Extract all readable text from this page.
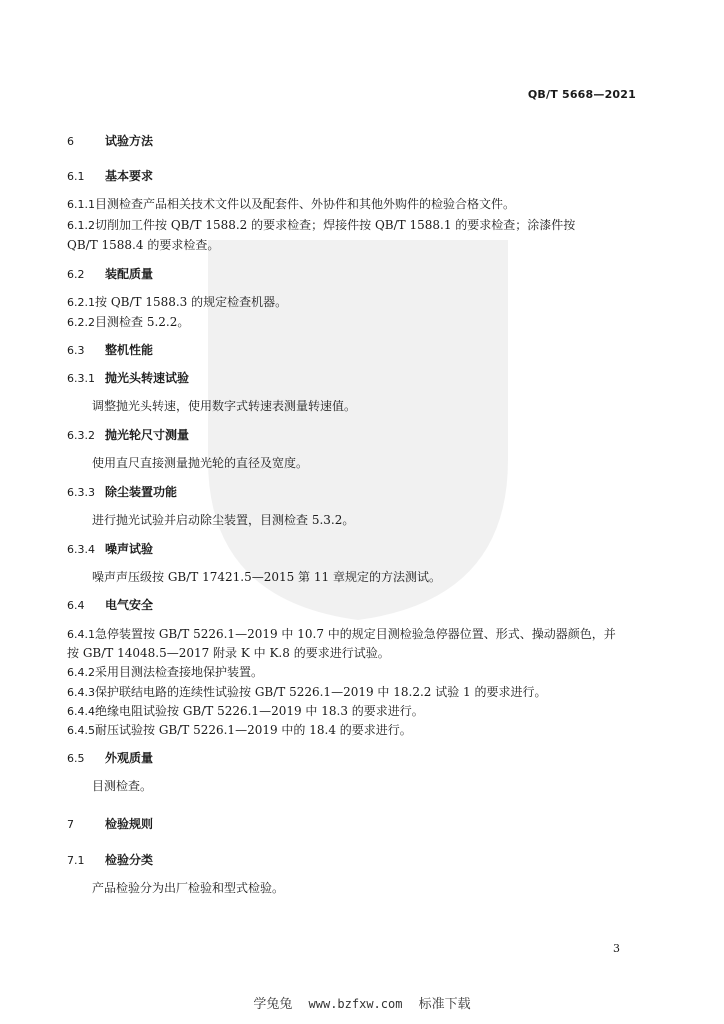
QB/T 5668—2021
6	试验方法
6.1 基本要求
6.1.1目测检查产品相关技术文件以及配套件、外协件和其他外购件的检验合格文件。
6.1.2切削加工件按 QB/T 1588.2 的要求检查；焊接件按 QB/T 1588.1 的要求检查；涂漆件按
QB/T 1588.4 的要求检查。
6.2 装配质量
6.2.1按 QB/T 1588.3 的规定检查机器。
6.2.2目测检查 5.2.2。
6.3 整机性能
6.3.1 抛光头转速试验
调整抛光头转速，使用数字式转速表测量转速值。
6.3.2 抛光轮尺寸测量
使用直尺直接测量抛光轮的直径及宽度。
6.3.3 除尘装置功能
进行抛光试验并启动除尘装置，目测检查 5.3.2。
6.3.4 噪声试验
噪声声压级按 GB/T 17421.5—2015 第 11 章规定的方法测试。
6.4 电气安全
6.4.1急停装置按 GB/T 5226.1—2019 中 10.7 中的规定目测检验急停器位置、形式、操动器颜色，并
按 GB/T 14048.5—2017 附录 K 中 K.8 的要求进行试验。
6.4.2采用目测法检查接地保护装置。
6.4.3保护联结电路的连续性试验按 GB/T 5226.1—2019 中 18.2.2 试验 1 的要求进行。
6.4.4绝缘电阻试验按 GB/T 5226.1—2019 中 18.3 的要求进行。
6.4.5耐压试验按 GB/T 5226.1—2019 中的 18.4 的要求进行。
6.5 外观质量
目测检查。
7	检验规则
7.1 检验分类
产品检验分为出厂检验和型式检验。
3
学兔兔 www.bzfxw.com 标准下载
